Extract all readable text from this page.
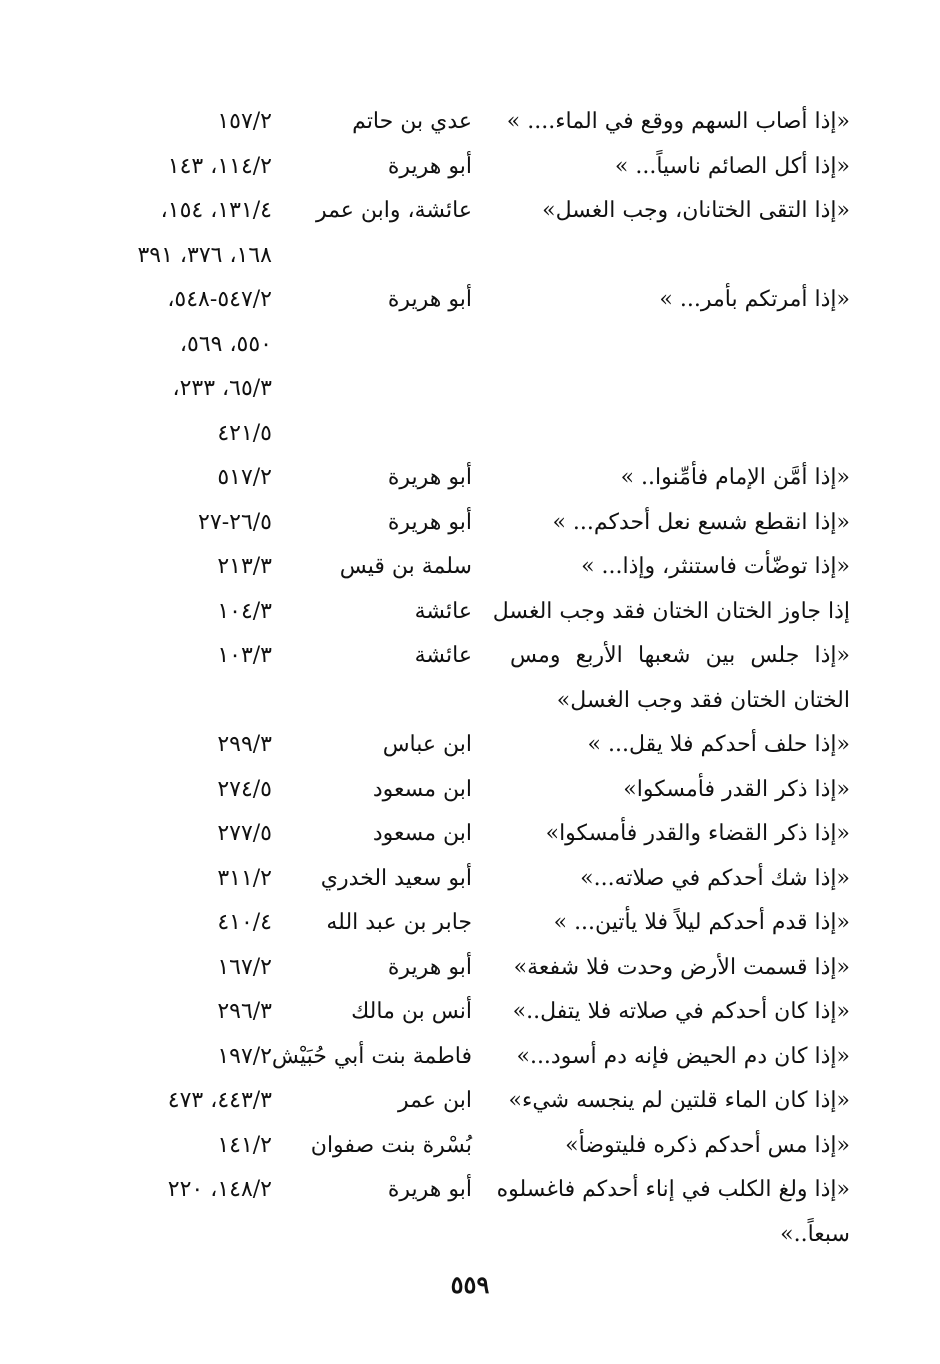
«إذا أصاب السهم ووقع في الماء.... »
عدي بن حاتم
١٥٧/٢
«إذا أكل الصائم ناسياً... »
أبو هريرة
١١٤/٢، ١٤٣
«إذا التقى الختانان، وجب الغسل»
عائشة، وابن عمر
١٣١/٤، ١٥٤،
١٦٨، ٣٧٦، ٣٩١
«إذا أمرتكم بأمر... »
أبو هريرة
٥٤٧/٢-٥٤٨،
٥٥٠، ٥٦٩،
٦٥/٣، ٢٣٣،
٤٢١/٥
«إذا أمَّن الإمام فأمِّنوا.. »
أبو هريرة
٥١٧/٢
«إذا انقطع شسع نعل أحدكم... »
أبو هريرة
٢٦/٥-٢٧
«إذا توضّأت فاستنثر، وإذا... »
سلمة بن قيس
٢١٣/٣
إذا جاوز الختان الختان فقد وجب الغسل
عائشة
١٠٤/٣
«إذا جلس بين شعبها الأربع ومس
الختان الختان فقد وجب الغسل»
عائشة
١٠٣/٣
«إذا حلف أحدكم فلا يقل... »
ابن عباس
٢٩٩/٣
«إذا ذكر القدر فأمسكوا»
ابن مسعود
٢٧٤/٥
«إذا ذكر القضاء والقدر فأمسكوا»
ابن مسعود
٢٧٧/٥
«إذا شك أحدكم في صلاته...»
أبو سعيد الخدري
٣١١/٢
«إذا قدم أحدكم ليلاً فلا يأتين... »
جابر بن عبد الله
٤١٠/٤
«إذا قسمت الأرض وحدت فلا شفعة»
أبو هريرة
١٦٧/٢
«إذا كان أحدكم في صلاته فلا يتفل..»
أنس بن مالك
٢٩٦/٣
«إذا كان دم الحيض فإنه دم أسود...»
فاطمة بنت أبي حُبَيْش
١٩٧/٢
«إذا كان الماء قلتين لم ينجسه شيء»
ابن عمر
٤٤٣/٣، ٤٧٣
«إذا مس أحدكم ذكره فليتوضأ»
بُسْرة بنت صفوان
١٤١/٢
«إذا ولغ الكلب في إناء أحدكم فاغسلوه
سبعاً..»
أبو هريرة
١٤٨/٢، ٢٢٠
٥٥٩
